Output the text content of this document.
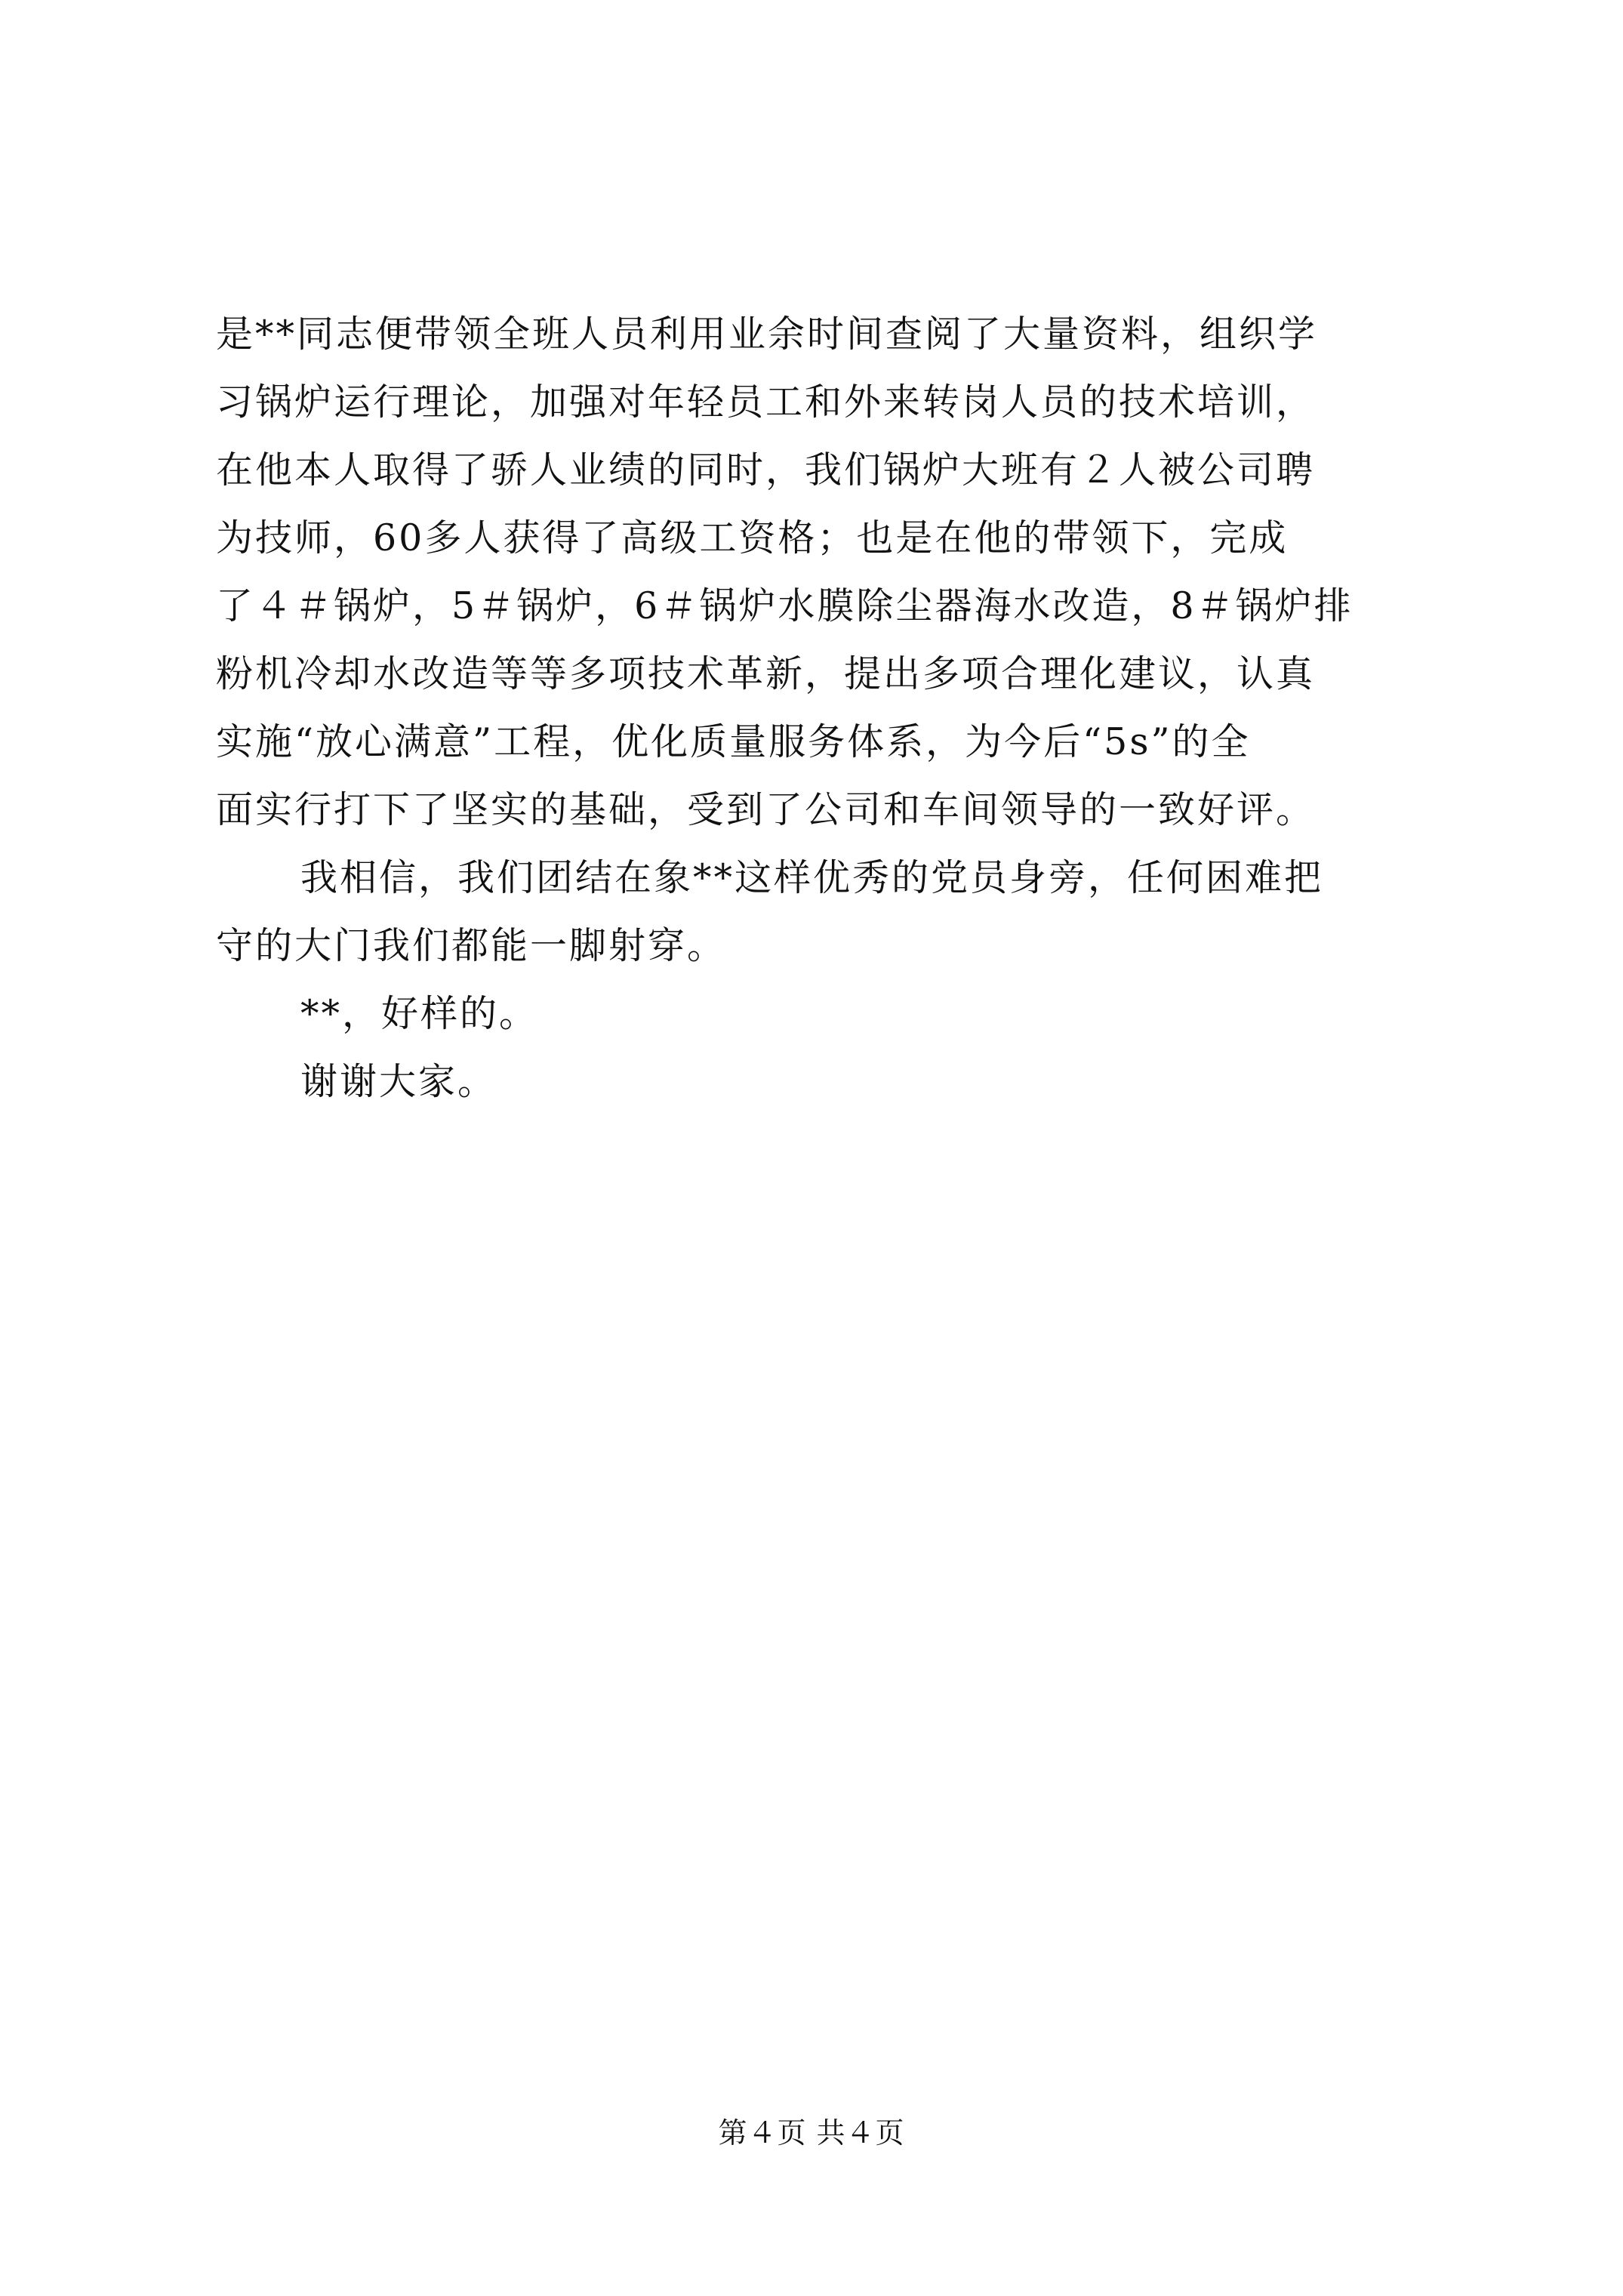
是**同志便带领全班人员利用业余时间查阅了大量资料，组织学
习锅炉运行理论，加强对年轻员工和外来转岗人员的技术培训，
在他本人取得了骄人业绩的同时，我们锅炉大班有２人被公司聘
为技师，60多人获得了高级工资格；也是在他的带领下，完成
了４＃锅炉，5＃锅炉，6＃锅炉水膜除尘器海水改造，8＃锅炉排
粉机冷却水改造等等多项技术革新，提出多项合理化建议，认真
实施“放心满意”工程，优化质量服务体系，为今后“5s”的全
面实行打下了坚实的基础，受到了公司和车间领导的一致好评。
我相信，我们团结在象**这样优秀的党员身旁，任何困难把
守的大门我们都能一脚射穿。
**，好样的。
谢谢大家。
第４页 共４页
